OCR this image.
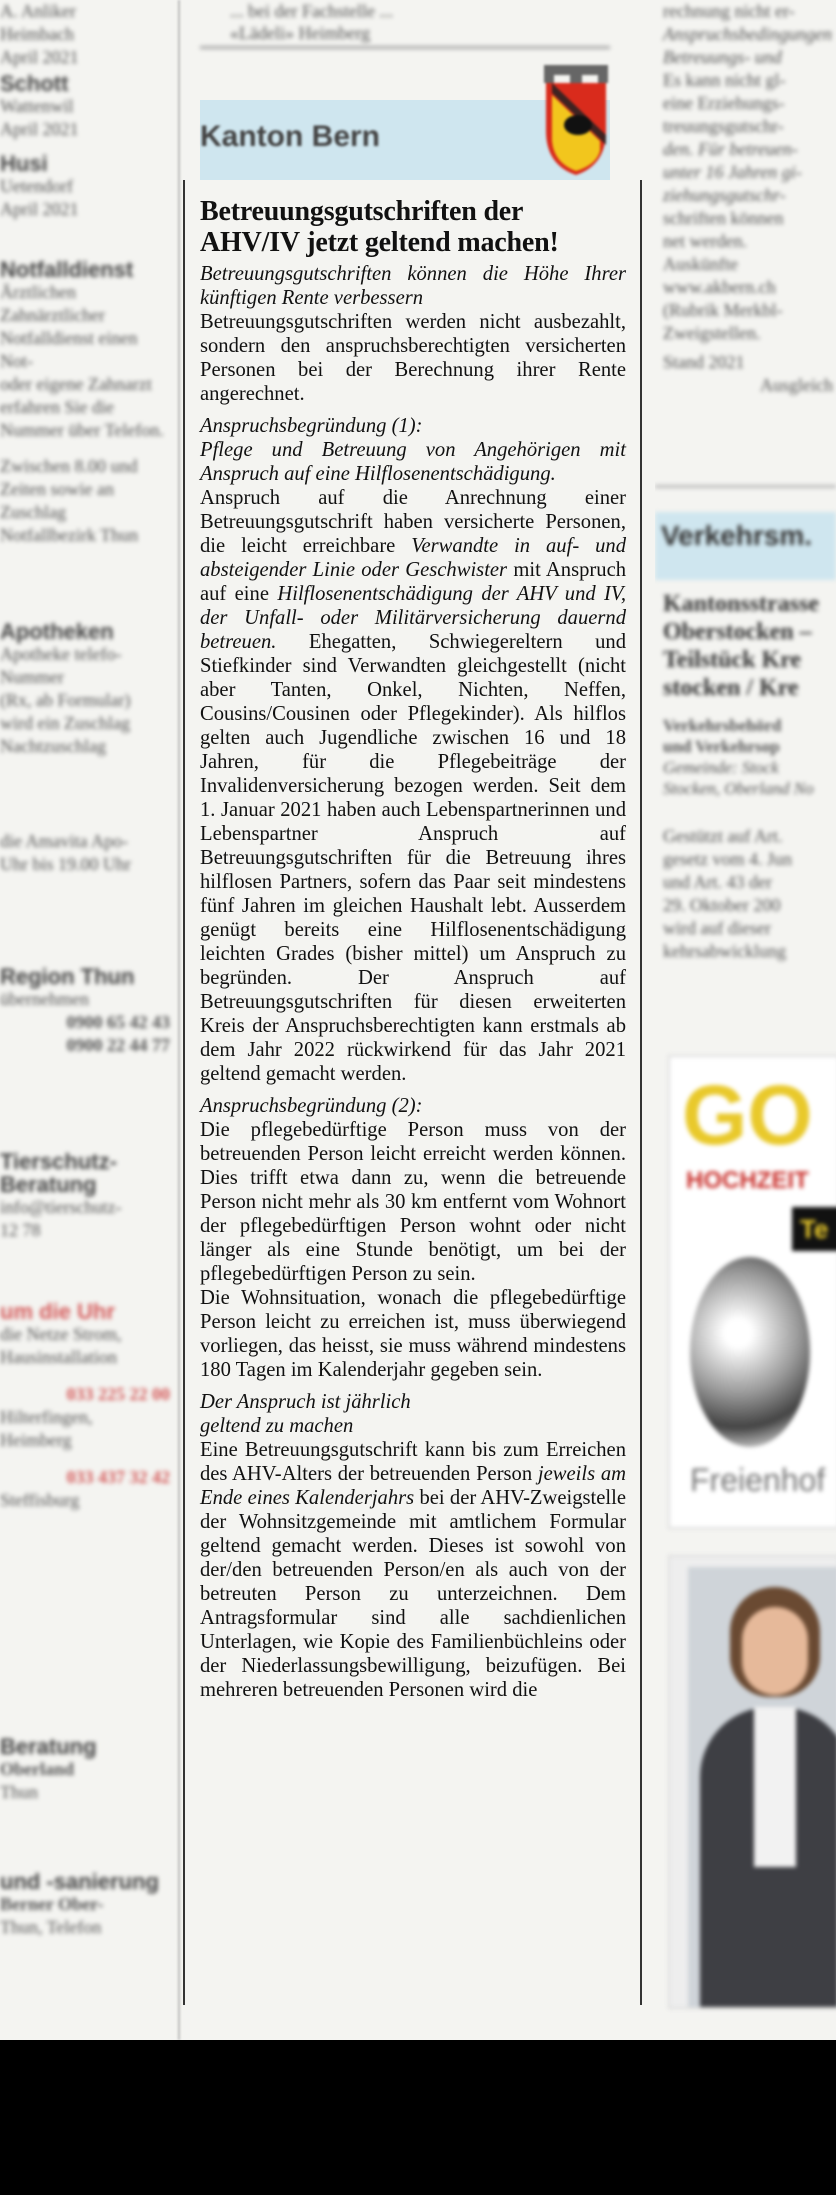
A. Anliker
Heimbach
April 2021
Schott
Wattenwil
April 2021
Husi
Uetendorf
April 2021
Notfalldienst
Ärztlichen Zahnärztlicher
Notfalldienst einen Not-
oder eigene Zahnarzt
erfahren Sie die
Nummer über Telefon.
Zwischen 8.00 und
Zeiten sowie an
Zuschlag
Notfallbezirk Thun
Apotheken
Apotheke telefo-
Nummer
(Rx, ab Formular)
wird ein Zuschlag
Nachtzuschlag
die Amavita Apo-
Uhr bis 19.00 Uhr
Region Thun
übernehmen
0900 65 42 43
0900 22 44 77
Tierschutz-Beratung
info@tierschutz-
12 78
um die Uhr
die Netze Strom,
Hausinstallation
033 225 22 00
Hilterfingen,
Heimberg
033 437 32 42
Steffisburg
Beratung
Oberland
Thun
und -sanierung
Berner Ober-
Thun, Telefon
... bei der Fachstelle ...
«Lädeli» Heimberg
Kanton Bern
Betreuungsgutschriften der AHV/IV jetzt geltend machen!

Betreuungsgutschriften können die Höhe Ihrer künftigen Rente verbessern

Betreuungsgutschriften werden nicht ausbezahlt, sondern den anspruchsberechtigten versicherten Personen bei der Berechnung ihrer Rente angerechnet.

Anspruchsbegründung (1):

Pflege und Betreuung von Angehörigen mit Anspruch auf eine Hilflosenentschädigung.

Anspruch auf die Anrechnung einer Betreuungsgutschrift haben versicherte Personen, die leicht erreichbare Verwandte in auf- und absteigender Linie oder Geschwister mit Anspruch auf eine Hilflosenentschädigung der AHV und IV, der Unfall- oder Militärversicherung dauernd betreuen. Ehegatten, Schwiegereltern und Stiefkinder sind Verwandten gleichgestellt (nicht aber Tanten, Onkel, Nichten, Neffen, Cousins/Cousinen oder Pflegekinder). Als hilflos gelten auch Jugendliche zwischen 16 und 18 Jahren, für die Pflegebeiträge der Invalidenversicherung bezogen werden. Seit dem 1. Januar 2021 haben auch Lebenspartnerinnen und Lebenspartner Anspruch auf Betreuungsgutschriften für die Betreuung ihres hilflosen Partners, sofern das Paar seit mindestens fünf Jahren im gleichen Haushalt lebt. Ausserdem genügt bereits eine Hilflosenentschädigung leichten Grades (bisher mittel) um Anspruch zu begründen. Der Anspruch auf Betreuungsgutschriften für diesen erweiterten Kreis der Anspruchsberechtigten kann erstmals ab dem Jahr 2022 rückwirkend für das Jahr 2021 geltend gemacht werden.

Anspruchsbegründung (2):

Die pflegebedürftige Person muss von der betreuenden Person leicht erreicht werden können. Dies trifft etwa dann zu, wenn die betreuende Person nicht mehr als 30 km entfernt vom Wohnort der pflegebedürftigen Person wohnt oder nicht länger als eine Stunde benötigt, um bei der pflegebedürftigen Person zu sein.

Die Wohnsituation, wonach die pflegebedürftige Person leicht zu erreichen ist, muss überwiegend vorliegen, das heisst, sie muss während mindestens 180 Tagen im Kalenderjahr gegeben sein.

Der Anspruch ist jährlich

geltend zu machen

Eine Betreuungsgutschrift kann bis zum Erreichen des AHV-Alters der betreuenden Person jeweils am Ende eines Kalenderjahrs bei der AHV-Zweigstelle der Wohnsitzgemeinde mit amtlichem Formular geltend gemacht werden. Dieses ist sowohl von der/den betreuenden Person/en als auch von der betreuten Person zu unterzeichnen. Dem Antragsformular sind alle sachdienlichen Unterlagen, wie Kopie des Familienbüchleins oder der Niederlassungsbewilligung, beizufügen. Bei mehreren betreuenden Personen wird die

rechnung nicht er-
Anspruchsbedingungen
Betreuungs- und
Es kann nicht gl-
eine Erziehungs-
treuungsgutschr-
den. Für betreuen-
unter 16 Jahren gi-
ziehungsgutschr-
schriften können
net werden.
Auskünfte
www.akbern.ch
(Rubrik Merkbl-
Zweigstellen.
Stand 2021
Ausgleich
Verkehrsm.
Kantonsstrasse
Oberstocken –
Teilstück Kre
stocken / Kre
Verkehrsbehörd
und Verkehrsop
Gemeinde: Stock
Stocken, Oberland No
Gestützt auf Art.
gesetz vom 4. Jun
und Art. 43 der
29. Oktober 200
wird auf dieser
kehrsabwicklung
GO
HOCHZEIT
Te
Freienhof
